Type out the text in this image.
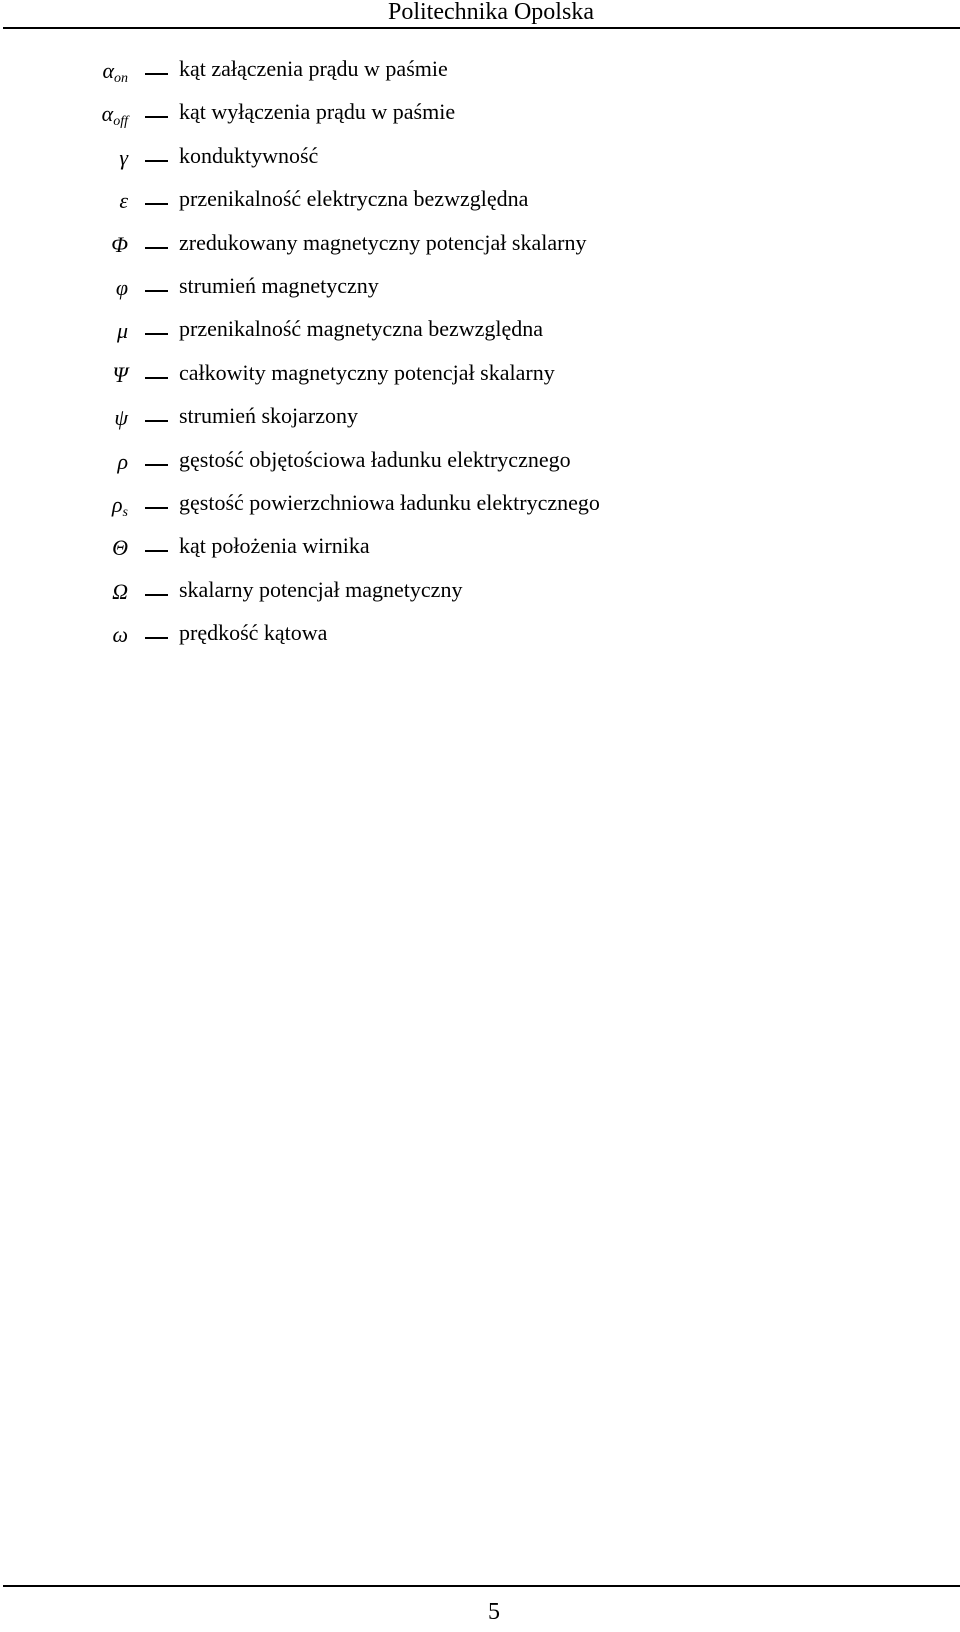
Politechnika Opolska
$\alpha_{on}$ kąt załączenia prądu w paśmie
$\alpha_{off}$ kąt wyłączenia prądu w paśmie
γ konduktywność
ε przenikalność elektryczna bezwzględna
Φ zredukowany magnetyczny potencjał skalarny
φ strumień magnetyczny
μ przenikalność magnetyczna bezwzględna
Ψ całkowity magnetyczny potencjał skalarny
ψ strumień skojarzony
ρ gęstość objętościowa ładunku elektrycznego
$\rho_s$ gęstość powierzchniowa ładunku elektrycznego
Θ kąt położenia wirnika
Ω skalarny potencjał magnetyczny
ω prędkość kątowa
5
